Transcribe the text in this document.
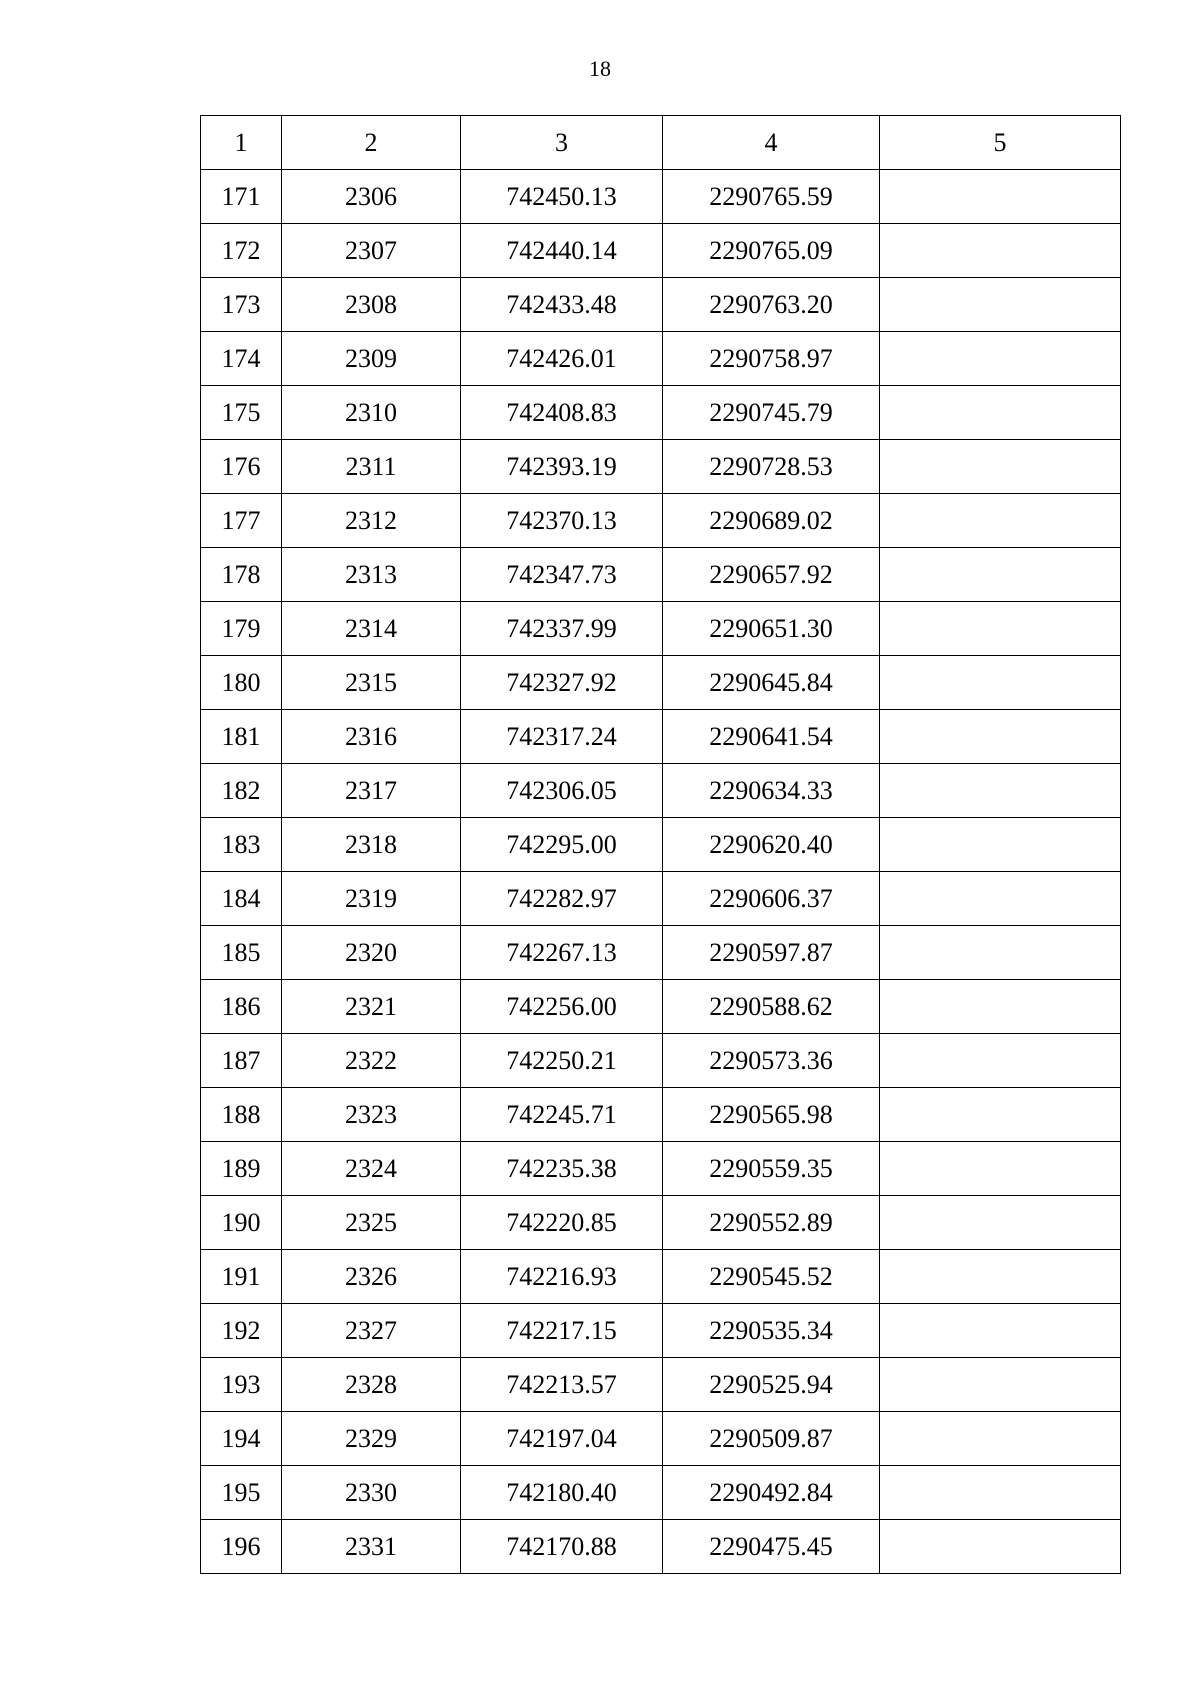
18
1	2	3	4	5
171	2306	742450.13	2290765.59	
172	2307	742440.14	2290765.09	
173	2308	742433.48	2290763.20	
174	2309	742426.01	2290758.97	
175	2310	742408.83	2290745.79	
176	2311	742393.19	2290728.53	
177	2312	742370.13	2290689.02	
178	2313	742347.73	2290657.92	
179	2314	742337.99	2290651.30	
180	2315	742327.92	2290645.84	
181	2316	742317.24	2290641.54	
182	2317	742306.05	2290634.33	
183	2318	742295.00	2290620.40	
184	2319	742282.97	2290606.37	
185	2320	742267.13	2290597.87	
186	2321	742256.00	2290588.62	
187	2322	742250.21	2290573.36	
188	2323	742245.71	2290565.98	
189	2324	742235.38	2290559.35	
190	2325	742220.85	2290552.89	
191	2326	742216.93	2290545.52	
192	2327	742217.15	2290535.34	
193	2328	742213.57	2290525.94	
194	2329	742197.04	2290509.87	
195	2330	742180.40	2290492.84	
196	2331	742170.88	2290475.45	
